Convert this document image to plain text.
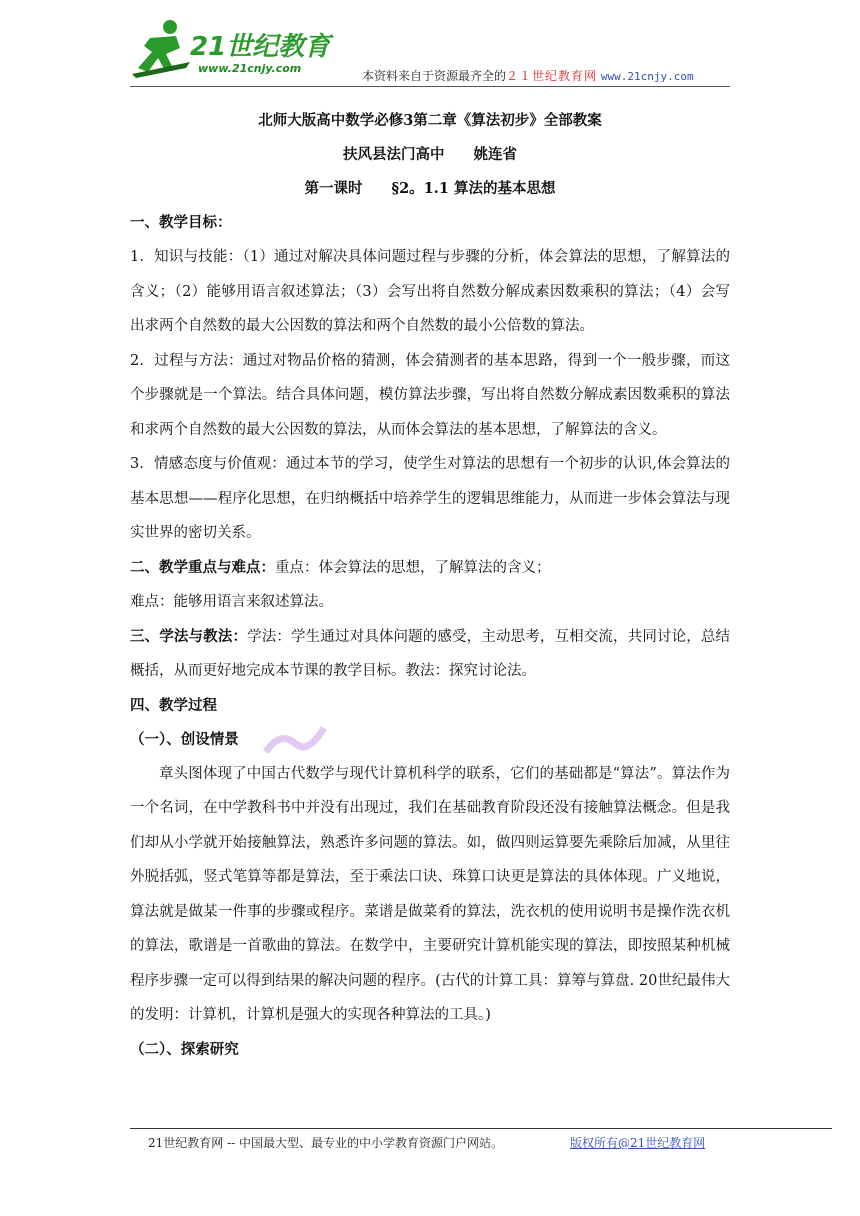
21世纪教育
www.21cnjy.com
本资料来自于资源最齐全的２１世纪教育网 www.21cnjy.com

北师大版高中数学必修3第二章《算法初步》全部教案

扶风县法门高中　　姚连省

第一课时　　§2。1.1 算法的基本思想

一、教学目标：

1．知识与技能：（1）通过对解决具体问题过程与步骤的分析，体会算法的思想，了解算法的含义；（2）能够用语言叙述算法；（3）会写出将自然数分解成素因数乘积的算法；（4）会写出求两个自然数的最大公因数的算法和两个自然数的最小公倍数的算法。

2．过程与方法：通过对物品价格的猜测，体会猜测者的基本思路，得到一个一般步骤，而这个步骤就是一个算法。结合具体问题，模仿算法步骤，写出将自然数分解成素因数乘积的算法和求两个自然数的最大公因数的算法，从而体会算法的基本思想，了解算法的含义。

3．情感态度与价值观：通过本节的学习，使学生对算法的思想有一个初步的认识,体会算法的基本思想——程序化思想，在归纳概括中培养学生的逻辑思维能力，从而进一步体会算法与现实世界的密切关系。

二、教学重点与难点：重点：体会算法的思想，了解算法的含义；

难点：能够用语言来叙述算法。

三、学法与教法：学法：学生通过对具体问题的感受，主动思考，互相交流，共同讨论，总结概括，从而更好地完成本节课的教学目标。教法：探究讨论法。

四、教学过程

（一）、创设情景

章头图体现了中国古代数学与现代计算机科学的联系，它们的基础都是“算法”。算法作为一个名词，在中学教科书中并没有出现过，我们在基础教育阶段还没有接触算法概念。但是我们却从小学就开始接触算法，熟悉许多问题的算法。如，做四则运算要先乘除后加减，从里往外脱括弧，竖式笔算等都是算法，至于乘法口诀、珠算口诀更是算法的具体体现。广义地说，算法就是做某一件事的步骤或程序。菜谱是做菜肴的算法，洗衣机的使用说明书是操作洗衣机的算法，歌谱是一首歌曲的算法。在数学中，主要研究计算机能实现的算法，即按照某种机械程序步骤一定可以得到结果的解决问题的程序。(古代的计算工具：算筹与算盘. 20世纪最伟大的发明：计算机，计算机是强大的实现各种算法的工具。)

（二）、探索研究

21世纪教育网 -- 中国最大型、最专业的中小学教育资源门户网站。	版权所有@21世纪教育网
